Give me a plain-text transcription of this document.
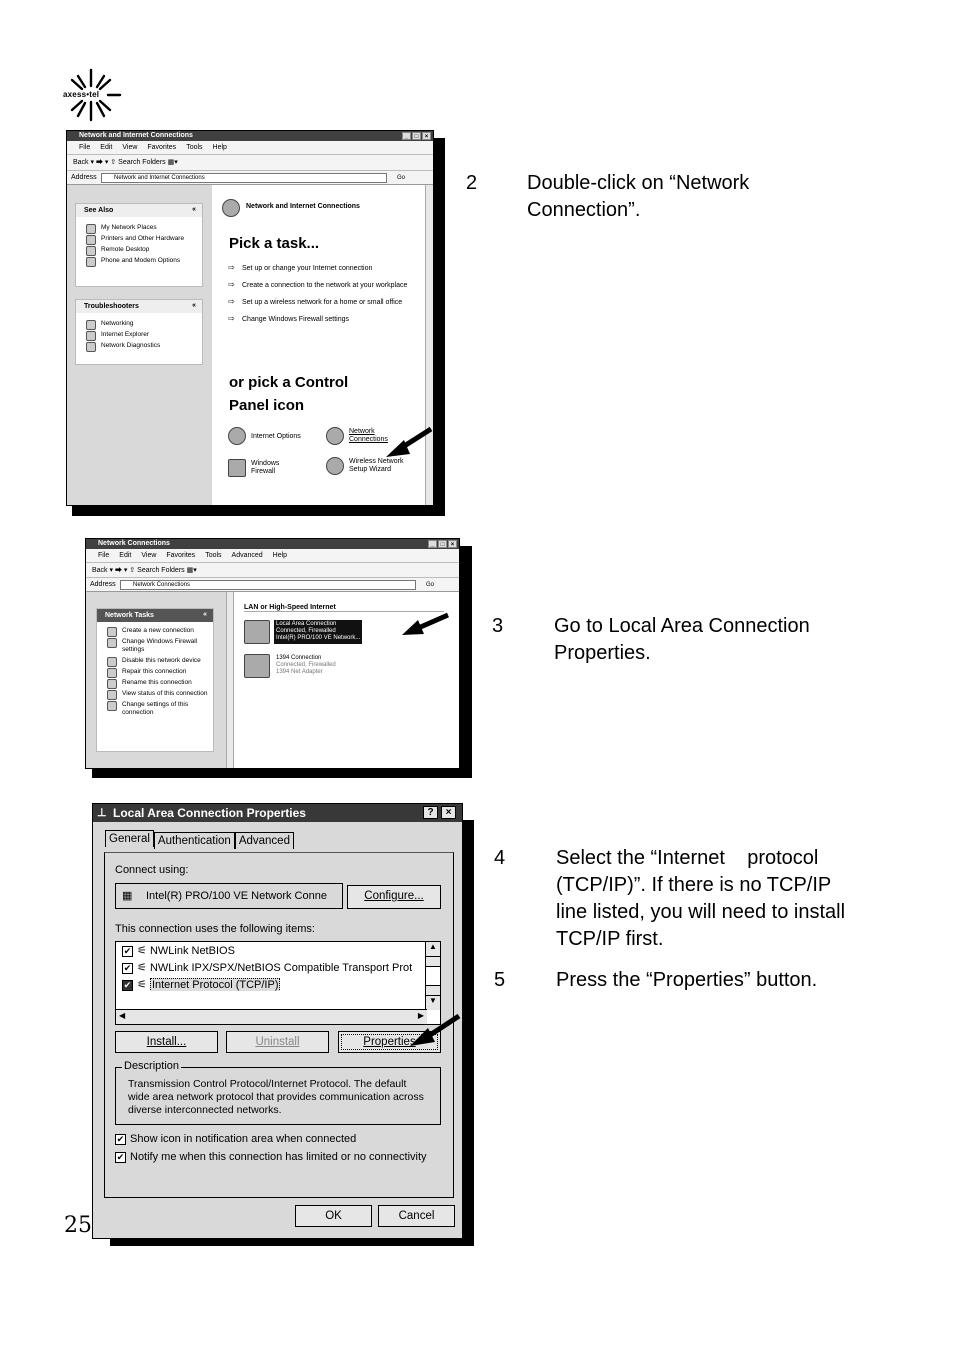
axess•tel
Network and Internet Connections	_	□	×
File Edit View Favorites Tools Help
Back ▾ ⮕ ▾ ⇧ Search Folders ▦▾
Address	Network and Internet Connections	Go
See Also	«
My Network Places
Printers and Other Hardware
Remote Desktop
Phone and Modem Options
Troubleshooters	«
Networking
Internet Explorer
Network Diagnostics
Network and Internet Connections
Pick a task...
⇨ Set up or change your Internet connection
⇨ Create a connection to the network at your workplace
⇨ Set up a wireless network for a home or small office
⇨ Change Windows Firewall settings
or pick a Control
Panel icon
Internet Options
Network Connections
Windows Firewall
Wireless Network Setup Wizard
2 Double-click on “Network
Connection”.
Network Connections	_	□	×
File Edit View Favorites Tools Advanced Help
Back ▾ ⮕ ▾ ⇧ Search Folders ▦▾
Address	Network Connections	Go
Network Tasks	«
Create a new connection
Change Windows Firewall settings
Disable this network device
Repair this connection
Rename this connection
View status of this connection
Change settings of this connection
LAN or High-Speed Internet
Local Area Connection
Connected, Firewalled
Intel(R) PRO/100 VE Network...
1394 Connection
Connected, Firewalled
1394 Net Adapter
3	Go to Local Area Connection
Properties.
⊥ Local Area Connection Properties	?	×
General Authentication Advanced
Connect using:
▦ Intel(R) PRO/100 VE Network Conne	Configure...
This connection uses the following items:
✔ ⚟ NWLink NetBIOS
✔ ⚟ NWLink IPX/SPX/NetBIOS Compatible Transport Prot
✔ ⚟ Internet Protocol (TCP/IP)
▲
▼
◀	▶
Install...	Uninstall	Properties
Description
Transmission Control Protocol/Internet Protocol. The default wide area network protocol that provides communication across diverse interconnected networks.
✔ Show icon in notification area when connected
✔ Notify me when this connection has limited or no connectivity
OK	Cancel
4	Select the “Internet    protocol
(TCP/IP)”. If there is no TCP/IP
line listed, you will need to install
TCP/IP first.
5	Press the “Properties” button.
25
